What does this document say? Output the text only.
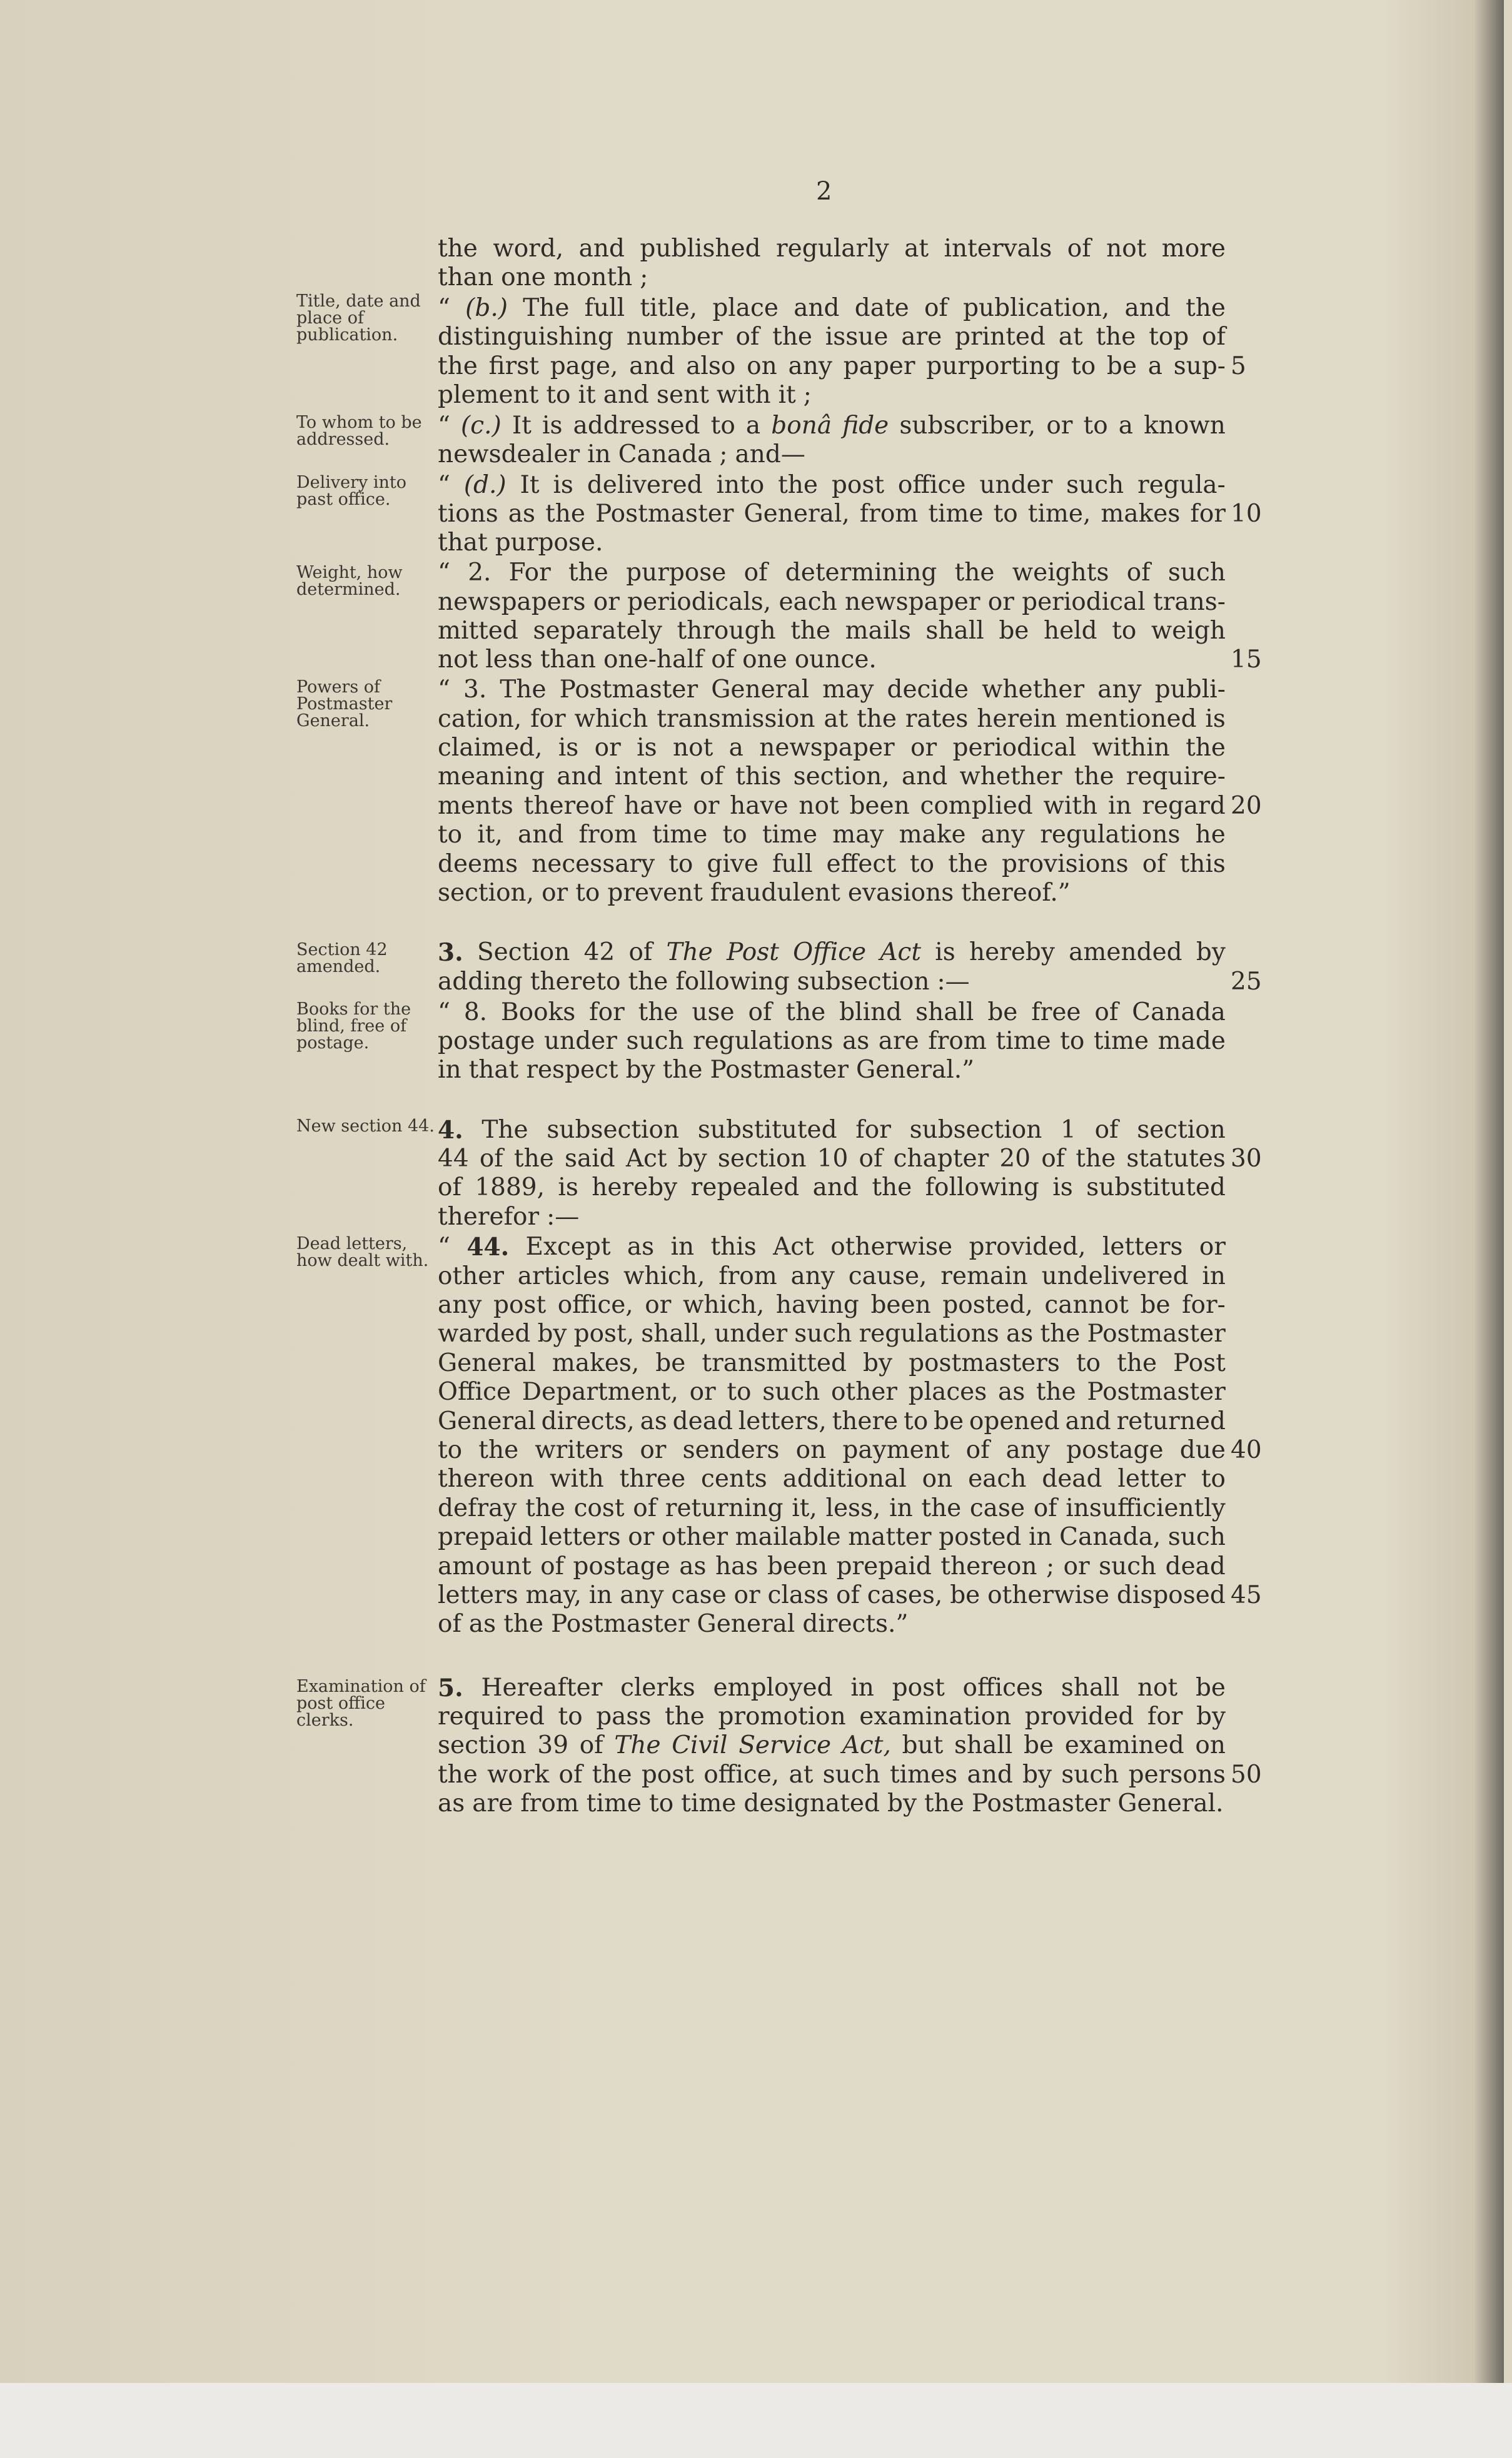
2
Title, date and place of publication.
To whom to be addressed.
Delivery into past office.
Weight, how determined.
Powers of Postmaster General.
Section 42 amended.
Books for the blind, free of postage.
New section 44.
Dead letters, how dealt with.
Examination of post office clerks.
the word, and published regularly at intervals of not more
than one month ;
“ (b.) The full title, place and date of publication, and the
distinguishing number of the issue are printed at the top of
the first page, and also on any paper purporting to be a sup-
plement to it and sent with it ;
“ (c.) It is addressed to a bonâ fide subscriber, or to a known
newsdealer in Canada ; and—
“ (d.) It is delivered into the post office under such regula-
tions as the Postmaster General, from time to time, makes for
that purpose.
“ 2. For the purpose of determining the weights of such
newspapers or periodicals, each newspaper or periodical trans-
mitted separately through the mails shall be held to weigh
not less than one-half of one ounce.
“ 3. The Postmaster General may decide whether any publi-
cation, for which transmission at the rates herein mentioned is
claimed, is or is not a newspaper or periodical within the
meaning and intent of this section, and whether the require-
ments thereof have or have not been complied with in regard
to it, and from time to time may make any regulations he
deems necessary to give full effect to the provisions of this
section, or to prevent fraudulent evasions thereof.”
3. Section 42 of The Post Office Act is hereby amended by
adding thereto the following subsection :—
“ 8. Books for the use of the blind shall be free of Canada
postage under such regulations as are from time to time made
in that respect by the Postmaster General.”
4. The subsection substituted for subsection 1 of section
44 of the said Act by section 10 of chapter 20 of the statutes
of 1889, is hereby repealed and the following is substituted
therefor :—
“ 44. Except as in this Act otherwise provided, letters or
other articles which, from any cause, remain undelivered in
any post office, or which, having been posted, cannot be for-
warded by post, shall, under such regulations as the Postmaster
General makes, be transmitted by postmasters to the Post
Office Department, or to such other places as the Postmaster
General directs, as dead letters, there to be opened and returned
to the writers or senders on payment of any postage due
thereon with three cents additional on each dead letter to
defray the cost of returning it, less, in the case of insufficiently
prepaid letters or other mailable matter posted in Canada, such
amount of postage as has been prepaid thereon ; or such dead
letters may, in any case or class of cases, be otherwise disposed
of as the Postmaster General directs.”
5. Hereafter clerks employed in post offices shall not be
required to pass the promotion examination provided for by
section 39 of The Civil Service Act, but shall be examined on
the work of the post office, at such times and by such persons
as are from time to time designated by the Postmaster General.
5
10
15
20
25
30
40
45
50
